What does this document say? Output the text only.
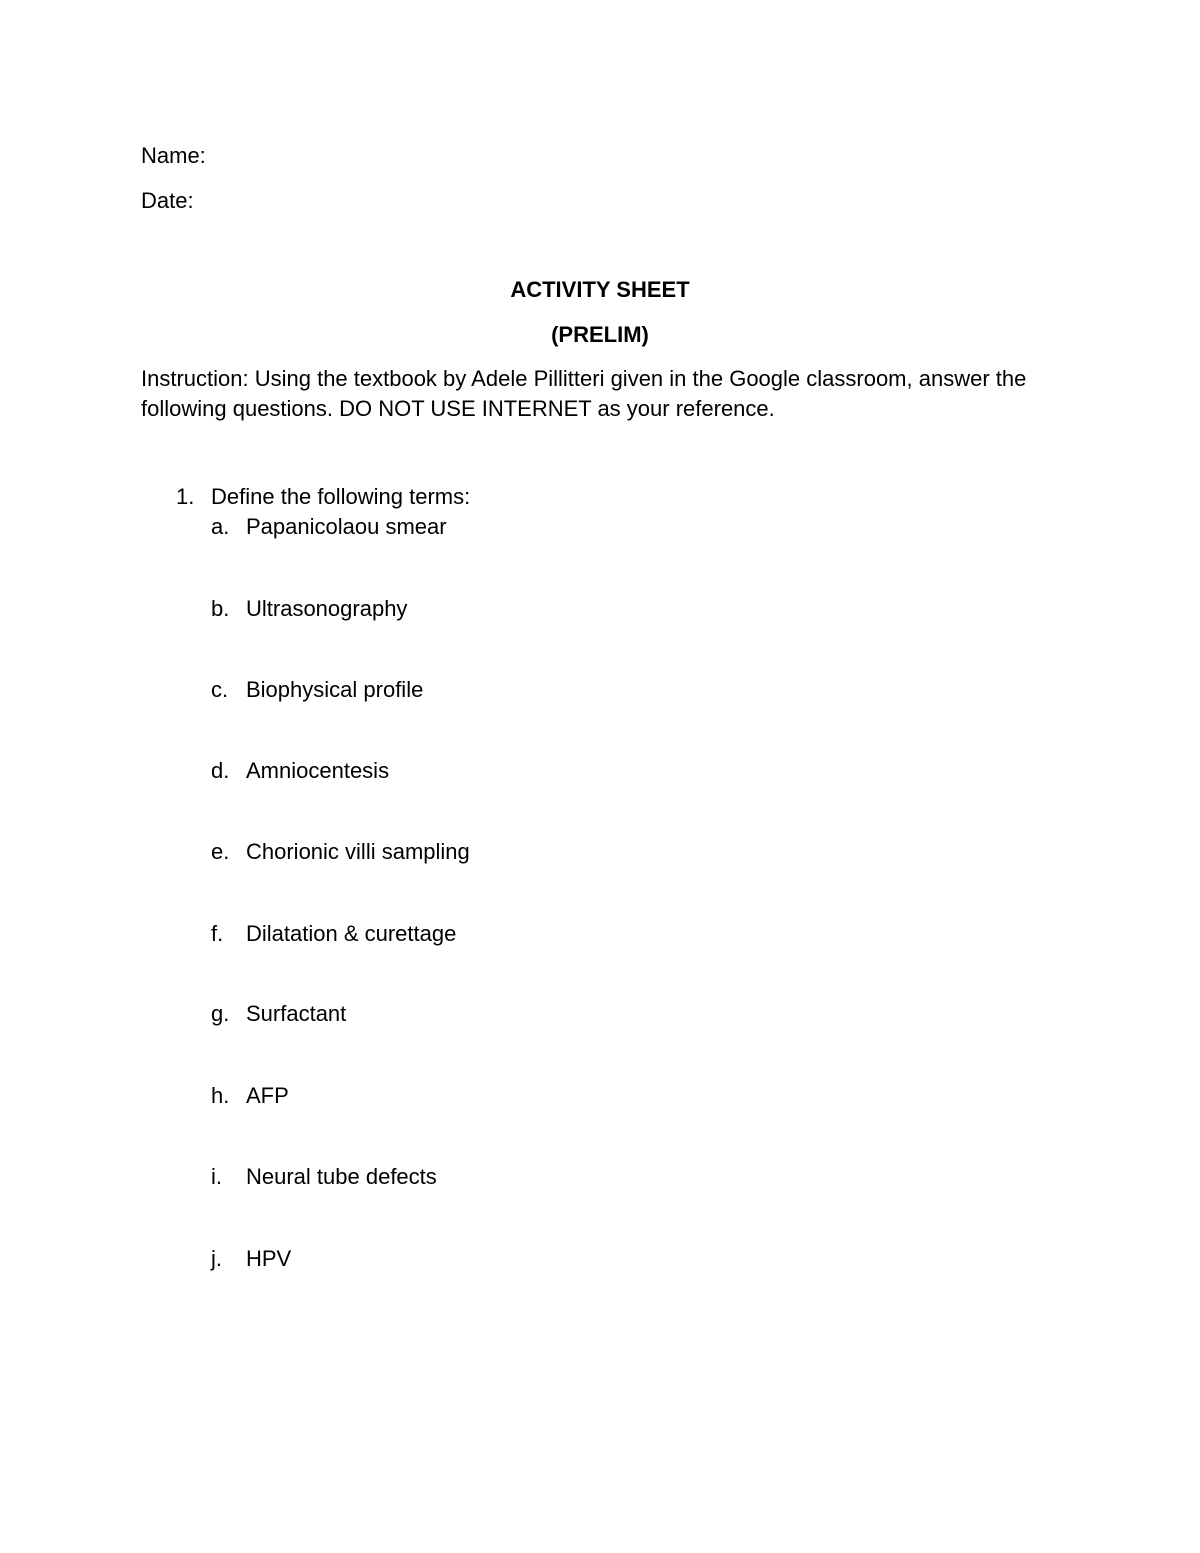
Name:
Date:
ACTIVITY SHEET
(PRELIM)
Instruction: Using the textbook by Adele Pillitteri given in the Google classroom, answer the following questions. DO NOT USE INTERNET as your reference.
1. Define the following terms:
a. Papanicolaou smear
b. Ultrasonography
c. Biophysical profile
d. Amniocentesis
e. Chorionic villi sampling
f. Dilatation & curettage
g. Surfactant
h. AFP
i. Neural tube defects
j. HPV
